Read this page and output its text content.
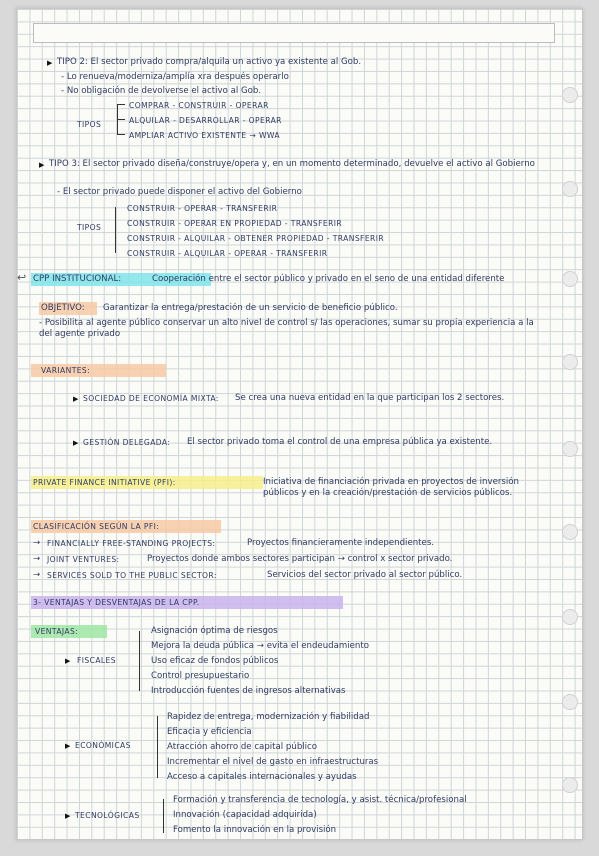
↩
▶ TIPO 2: El sector privado compra/alquila un activo ya existente al Gob.
- Lo renueva/moderniza/amplía xra después operarlo
- No obligación de devolverse el activo al Gob.
TIPOS
COMPRAR - CONSTRUIR - OPERAR
ALQUILAR - DESARROLLAR - OPERAR
AMPLIAR ACTIVO EXISTENTE → WWA
▶ TIPO 3: El sector privado diseña/construye/opera y, en un momento determinado, devuelve el activo al Gobierno
- El sector privado puede disponer el activo del Gobierno
TIPOS
CONSTRUIR - OPERAR - TRANSFERIR
CONSTRUIR - OPERAR EN PROPIEDAD - TRANSFERIR
CONSTRUIR - ALQUILAR - OBTENER PROPIEDAD - TRANSFERIR
CONSTRUIR - ALQUILAR - OPERAR - TRANSFERIR
CPP INSTITUCIONAL:	Cooperación entre el sector público y privado en el seno de una entidad diferente
OBJETIVO: Garantizar la entrega/prestación de un servicio de beneficio público.
- Posibilita al agente público conservar un alto nivel de control s/ las operaciones, sumar su propia experiencia a la del agente privado
VARIANTES:
▶ SOCIEDAD DE ECONOMÍA MIXTA: Se crea una nueva entidad en la que participan los 2 sectores.
▶ GESTIÓN DELEGADA: El sector privado toma el control de una empresa pública ya existente.
PRIVATE FINANCE INITIATIVE (PFI):	Iniciativa de financiación privada en proyectos de inversión públicos y en la creación/prestación de servicios públicos.
CLASIFICACIÓN SEGÚN LA PFI:
→ FINANCIALLY FREE-STANDING PROJECTS:	Proyectos financieramente independientes.
→ JOINT VENTURES:	Proyectos donde ambos sectores participan → control x sector privado.
→ SERVICES SOLD TO THE PUBLIC SECTOR:	Servicios del sector privado al sector público.
3- VENTAJAS Y DESVENTAJAS DE LA CPP.
VENTAJAS:
▶ FISCALES
Asignación óptima de riesgos
Mejora la deuda pública → evita el endeudamiento
Uso eficaz de fondos públicos
Control presupuestario
Introducción fuentes de ingresos alternativas
▶ ECONÓMICAS
Rapidez de entrega, modernización y fiabilidad
Eficacia y eficiencia
Atracción ahorro de capital público
Incrementar el nivel de gasto en infraestructuras
Acceso a capitales internacionales y ayudas
▶ TECNOLÓGICAS
Formación y transferencia de tecnología, y asist. técnica/profesional
Innovación (capacidad adquirida)
Fomento la innovación en la provisión
